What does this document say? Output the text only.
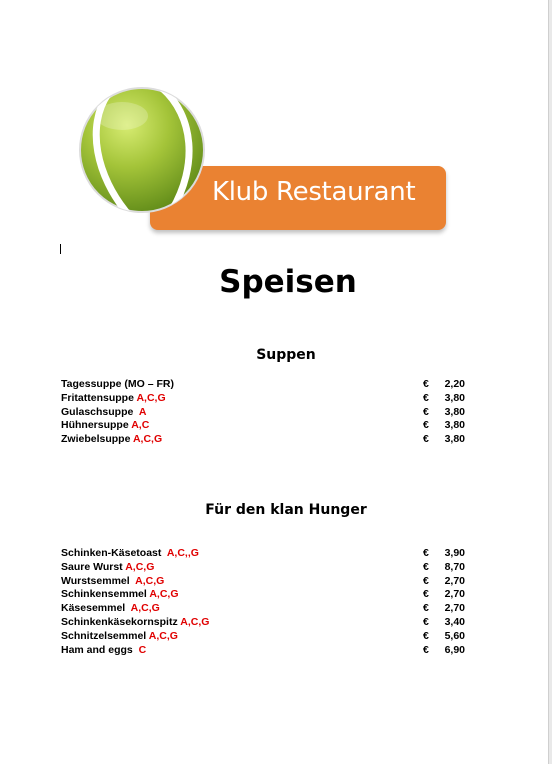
Klub Restaurant
Speisen
Suppen
Tagessuppe (MO – FR)	€ 2,20
Fritattensuppe A,C,G	€ 3,80
Gulaschsuppe A	€ 3,80
Hühnersuppe A,C	€ 3,80
Zwiebelsuppe A,C,G	€ 3,80
Für den klan Hunger
Schinken-Käsetoast A,C,,G	€ 3,90
Saure Wurst A,C,G	€ 8,70
Wurstsemmel A,C,G	€ 2,70
Schinkensemmel A,C,G	€ 2,70
Käsesemmel A,C,G	€ 2,70
Schinkenkäsekornspitz A,C,G	€ 3,40
Schnitzelsemmel A,C,G	€ 5,60
Ham and eggs C	€ 6,90
